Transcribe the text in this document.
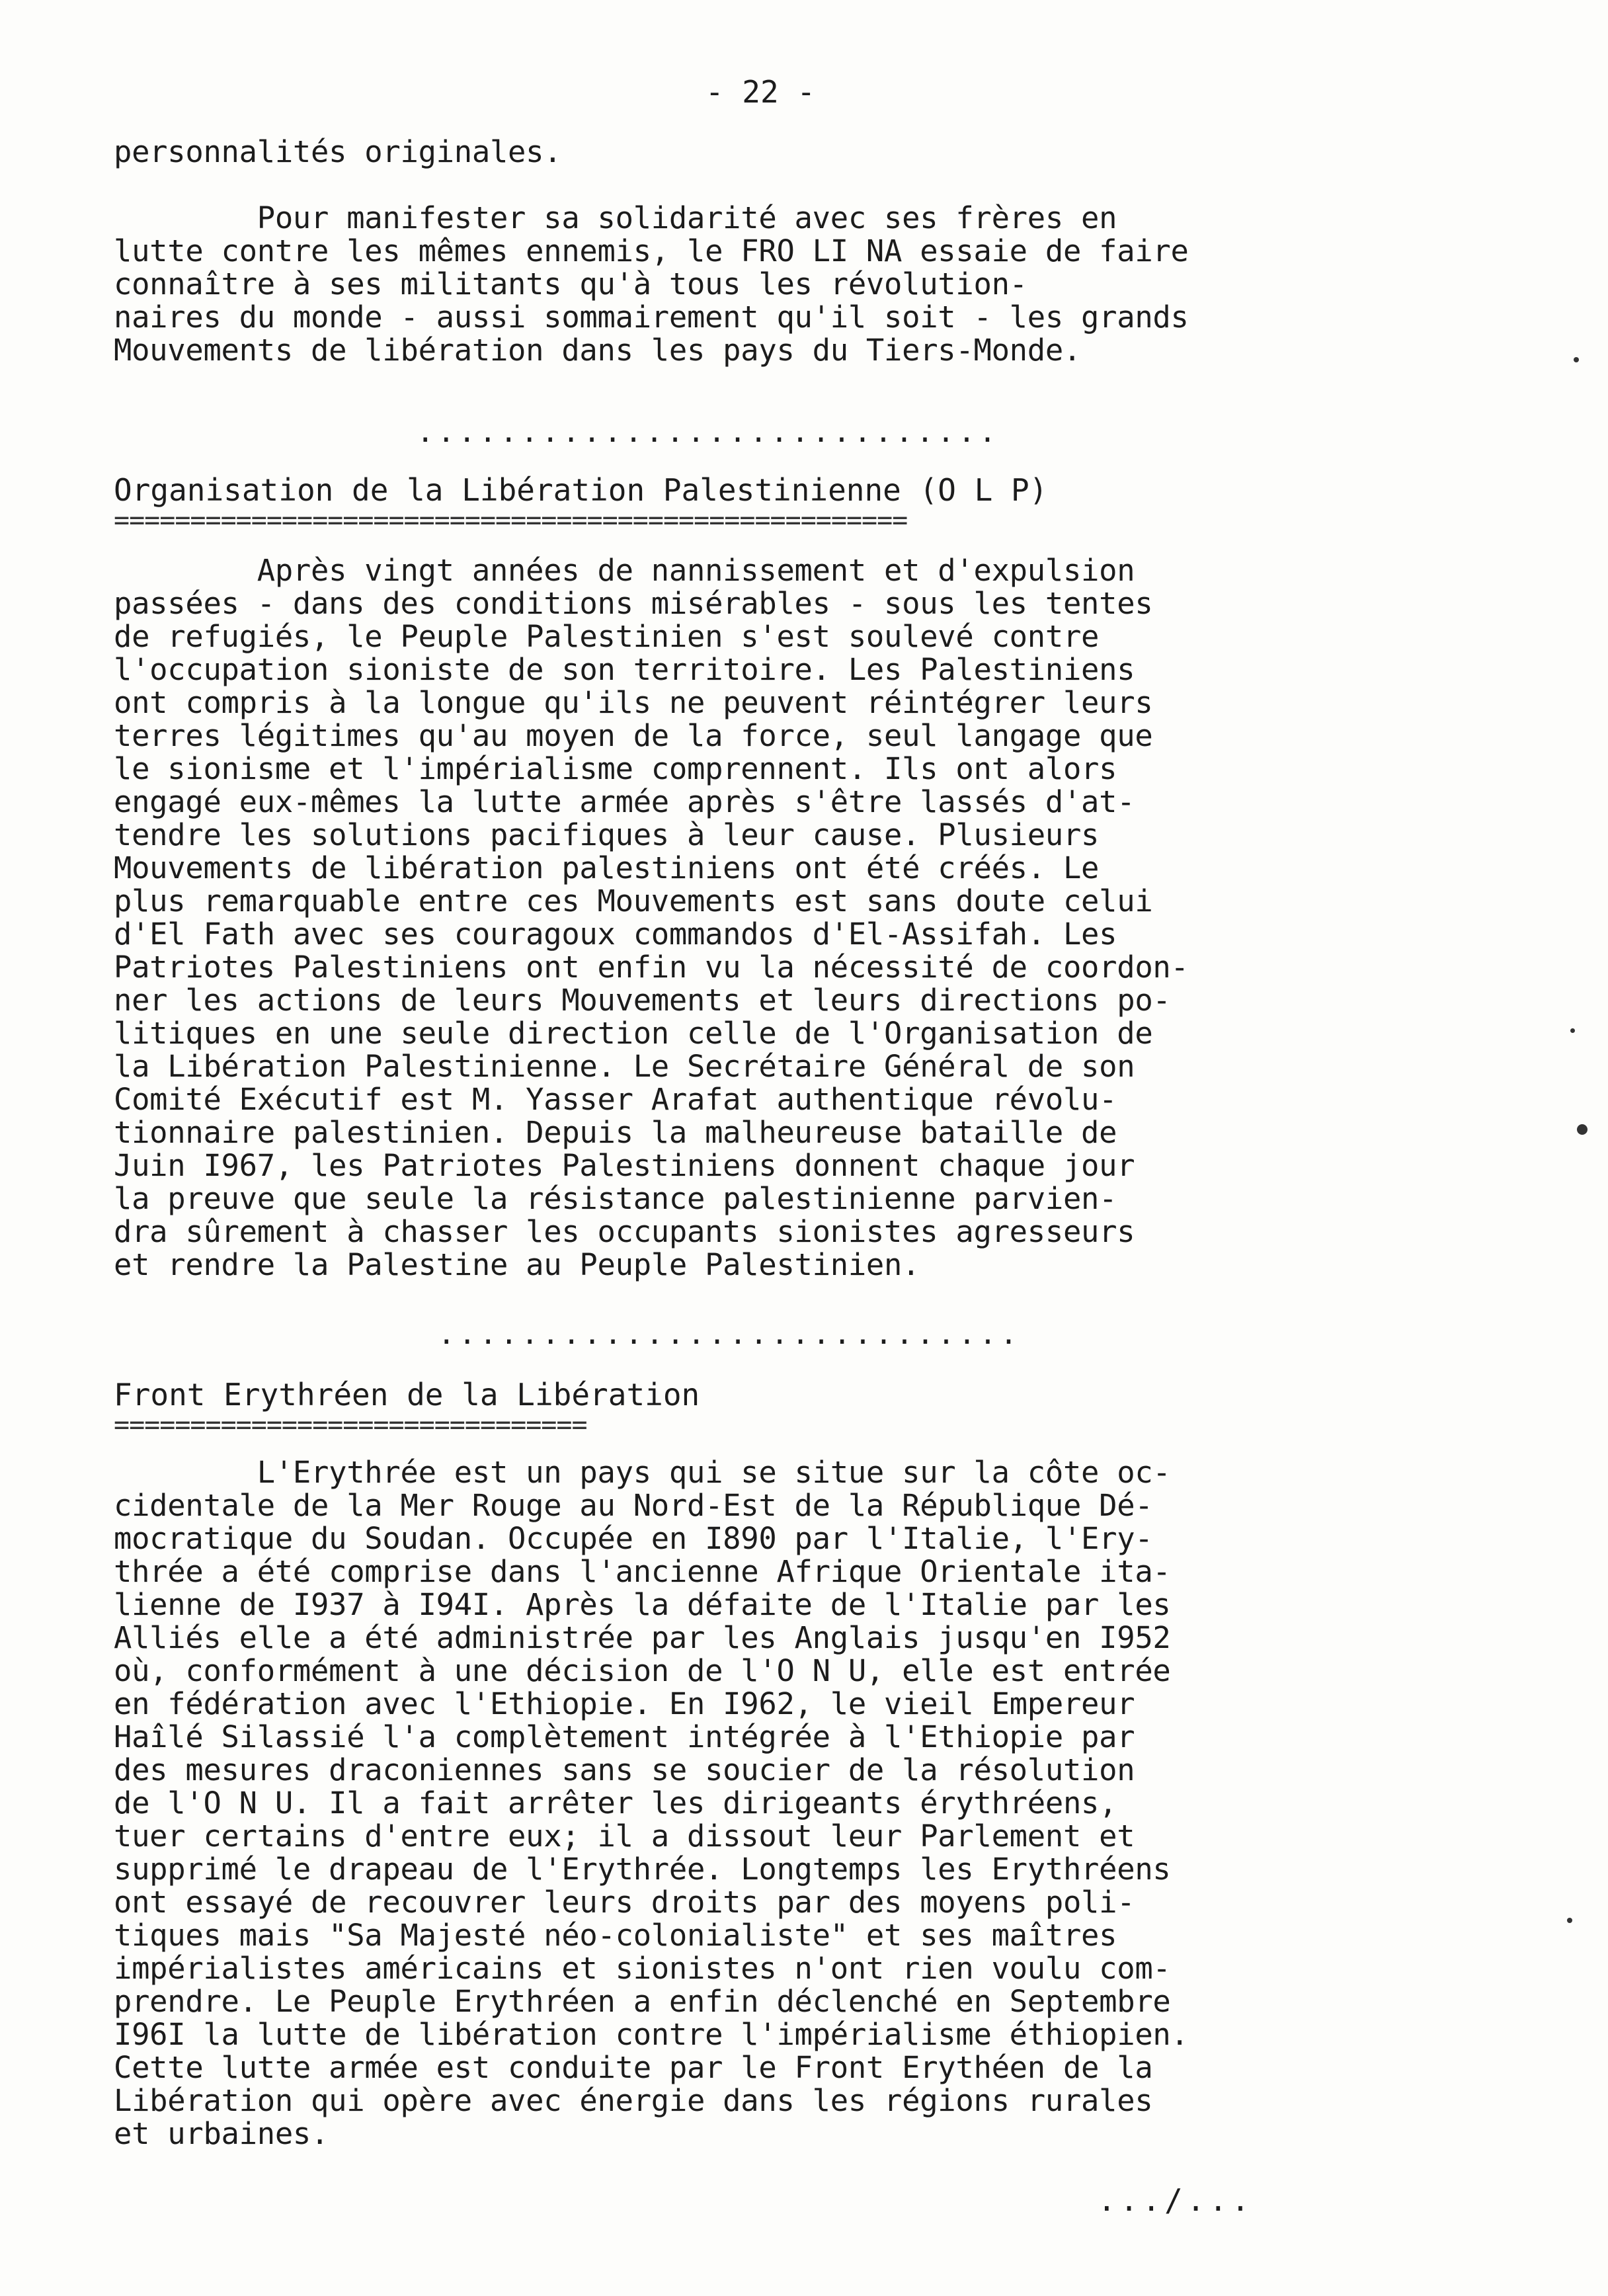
- 22 -
personnalités originales.

Pour manifester sa solidarité avec ses frères en
lutte contre les mêmes ennemis, le FRO LI NA essaie de faire
connaître à ses militants qu'à tous les révolution-
naires du monde - aussi sommairement qu'il soit - les grands
Mouvements de libération dans les pays du Tiers-Monde.
............................
Organisation de la Libération Palestinienne (O L P)
====================================================
Après vingt années de nannissement et d'expulsion
passées - dans des conditions misérables - sous les tentes
de refugiés, le Peuple Palestinien s'est soulevé contre
l'occupation sioniste de son territoire. Les Palestiniens
ont compris à la longue qu'ils ne peuvent réintégrer leurs
terres légitimes qu'au moyen de la force, seul langage que
le sionisme et l'impérialisme comprennent. Ils ont alors
engagé eux-mêmes la lutte armée après s'être lassés d'at-
tendre les solutions pacifiques à leur cause. Plusieurs
Mouvements de libération palestiniens ont été créés. Le
plus remarquable entre ces Mouvements est sans doute celui
d'El Fath avec ses couragoux commandos d'El-Assifah. Les
Patriotes Palestiniens ont enfin vu la nécessité de coordon-
ner les actions de leurs Mouvements et leurs directions po-
litiques en une seule direction celle de l'Organisation de
la Libération Palestinienne. Le Secrétaire Général de son
Comité Exécutif est M. Yasser Arafat authentique révolu-
tionnaire palestinien. Depuis la malheureuse bataille de
Juin I967, les Patriotes Palestiniens donnent chaque jour
la preuve que seule la résistance palestinienne parvien-
dra sûrement à chasser les occupants sionistes agresseurs
et rendre la Palestine au Peuple Palestinien.
............................
Front Erythréen de la Libération
===============================
L'Erythrée est un pays qui se situe sur la côte oc-
cidentale de la Mer Rouge au Nord-Est de la République Dé-
mocratique du Soudan. Occupée en I890 par l'Italie, l'Ery-
thrée a été comprise dans l'ancienne Afrique Orientale ita-
lienne de I937 à I94I. Après la défaite de l'Italie par les
Alliés elle a été administrée par les Anglais jusqu'en I952
où, conformément à une décision de l'O N U, elle est entrée
en fédération avec l'Ethiopie. En I962, le vieil Empereur
Haîlé Silassié l'a complètement intégrée à l'Ethiopie par
des mesures draconiennes sans se soucier de la résolution
de l'O N U. Il a fait arrêter les dirigeants érythréens,
tuer certains d'entre eux; il a dissout leur Parlement et
supprimé le drapeau de l'Erythrée. Longtemps les Erythréens
ont essayé de recouvrer leurs droits par des moyens poli-
tiques mais "Sa Majesté néo-colonialiste" et ses maîtres
impérialistes américains et sionistes n'ont rien voulu com-
prendre. Le Peuple Erythréen a enfin déclenché en Septembre
I96I la lutte de libération contre l'impérialisme éthiopien.
Cette lutte armée est conduite par le Front Erythéen de la
Libération qui opère avec énergie dans les régions rurales
et urbaines.
.../...
